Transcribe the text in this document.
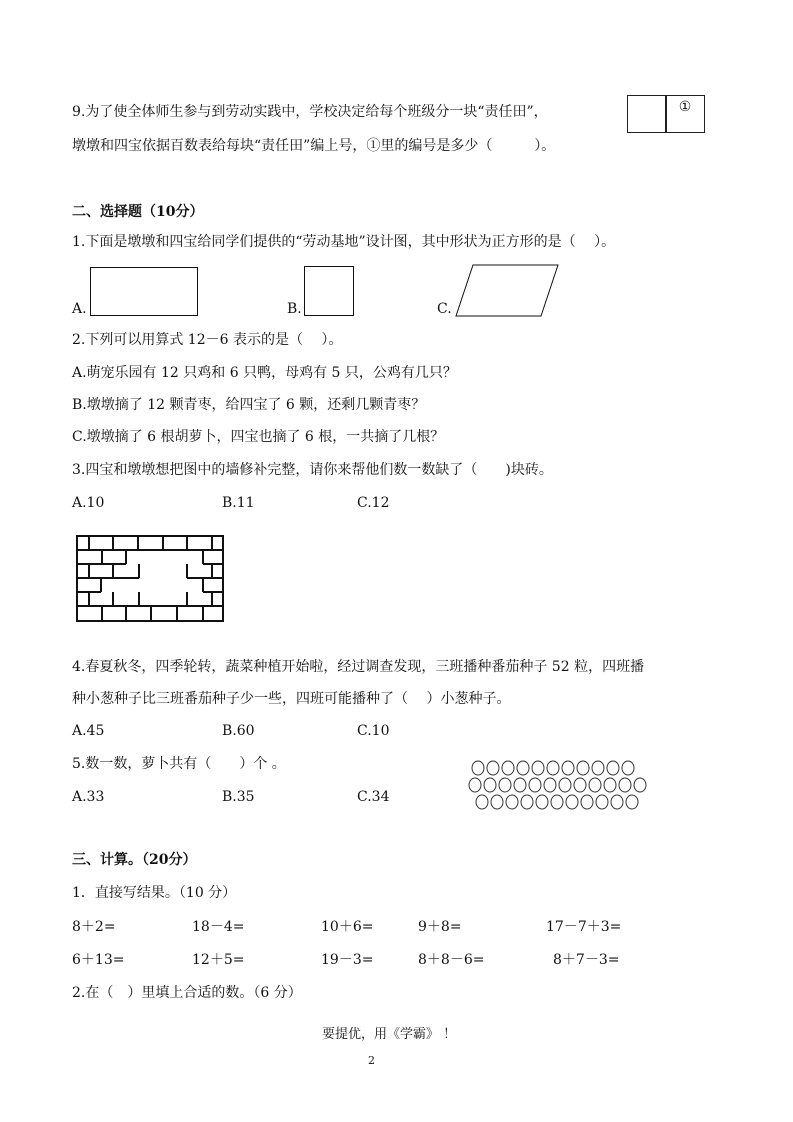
9.为了使全体师生参与到劳动实践中，学校决定给每个班级分一块“责任田”，
墩墩和四宝依据百数表给每块“责任田”编上号，①里的编号是多少（　　　）。
①
二、选择题（10分）
1.下面是墩墩和四宝给同学们提供的“劳动基地”设计图，其中形状为正方形的是（　 ）。
A.	B.	C.
2.下列可以用算式 12－6 表示的是（　 ）。
A.萌宠乐园有 12 只鸡和 6 只鸭，母鸡有 5 只，公鸡有几只？
B.墩墩摘了 12 颗青枣，给四宝了 6 颗，还剩几颗青枣？
C.墩墩摘了 6 根胡萝卜，四宝也摘了 6 根，一共摘了几根？
3.四宝和墩墩想把图中的墙修补完整，请你来帮他们数一数缺了（　　)块砖。
A.10	B.11	C.12
4.春夏秋冬，四季轮转，蔬菜种植开始啦，经过调查发现，三班播种番茄种子 52 粒，四班播
种小葱种子比三班番茄种子少一些，四班可能播种了（　 ）小葱种子。
A.45	B.60	C.10
5.数一数，萝卜共有（　　）个 。
A.33	B.35	C.34
三、计算。（20分）
1．直接写结果。（10 分）
8＋2=	18－4=	10＋6=	9＋8=	17－7＋3=
6＋13=	12＋5=	19－3=	8＋8－6=	8＋7－3=
2.在（　）里填上合适的数。（6 分）
要提优，用《学霸》 ！
2
